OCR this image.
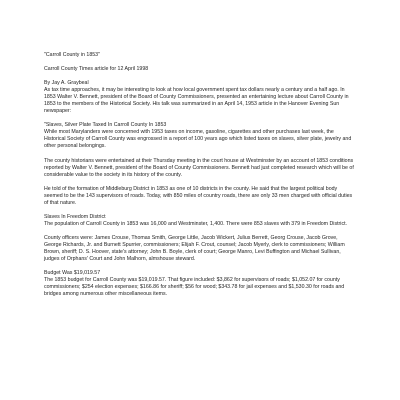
"Carroll County in 1853"

Carroll County Times article for 12 April 1998

By Jay A. Graybeal
As tax time approaches, it may be interesting to look at how local government spent tax dollars nearly a century and a half ago. In 1853 Walter V. Bennett, president of the Board of County Commissioners, presented an entertaining lecture about Carroll County in 1853 to the members of the Historical Society. His talk was summarized in an April 14, 1953 article in the Hanover Evening Sun newspaper:
"Slaves, Silver Plate Taxed In Carroll County In 1853
While most Marylanders were concerned with 1953 taxes on income, gasoline, cigarettes and other purchases last week, the Historical Society of Carroll County was engrossed in a report of 100 years ago which listed taxes on slaves, silver plate, jewelry and other personal belongings.

The county historians were entertained at their Thursday meeting in the court house at Westminster by an account of 1853 conditions reported by Walter V. Bennett, president of the Board of County Commissioners. Bennett had just completed research which will be of considerable value to the society in its history of the county.

He told of the formation of Middleburg District in 1853 as one of 10 districts in the county. He said that the largest political body seemed to be the 143 supervisors of roads. Today, with 850 miles of country roads, there are only 33 men charged with official duties of that nature.

Slaves In Freedom District
The population of Carroll County in 1853 was 16,000 and Westminster, 1,400. There were 853 slaves with 379 in Freedom District.

County officers were: James Crouse, Thomas Smith, George Little, Jacob Wickert, Julius Berrett, Georg Crouse, Jacob Grove, George Richards, Jr. and Burnett Spurrier, commissioners; Elijah F. Crout, counsel; Jacob Myerly, clerk to commissioners; William Brown, sheriff; D. S. Hoover, state's attorney; John B. Boyle, clerk of court; George Manro, Levi Buffington and Michael Sullivan, judges of Orphans' Court and John Malhorn, almshouse steward.

Budget Was $19,019.57
The 1853 budget for Carroll County was $19,019.57. That figure included: $3,862 for supervisors of roads; $1,052.07 for county commissioners; $254 election expenses; $166.86 for sheriff; $56 for wood; $343.78 for jail expenses and $1,530.30 for roads and bridges among numerous other miscellaneous items.
